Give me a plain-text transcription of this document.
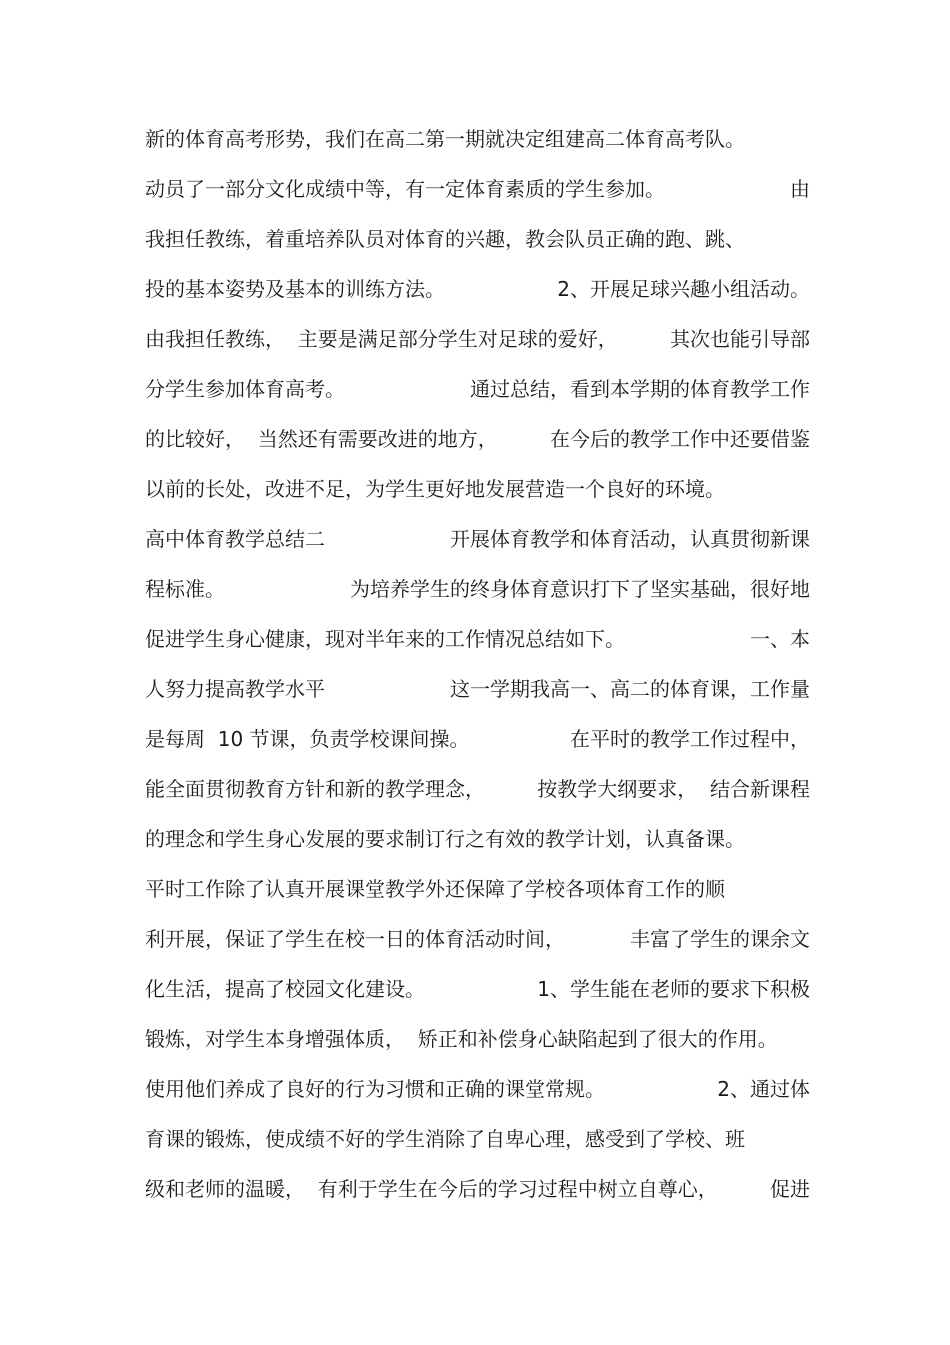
新的体育高考形势，我们在高二第一期就决定组建高二体育高考队。
动员了一部分文化成绩中等，有一定体育素质的学生参加。	由
我担任教练，着重培养队员对体育的兴趣，教会队员正确的跑、跳、
投的基本姿势及基本的训练方法。	2、开展足球兴趣小组活动。
由我担任教练，  主要是满足部分学生对足球的爱好，	其次也能引导部
分学生参加体育高考。	通过总结，看到本学期的体育教学工作
的比较好，  当然还有需要改进的地方，	在今后的教学工作中还要借鉴
以前的长处，改进不足，为学生更好地发展营造一个良好的环境。
高中体育教学总结二	开展体育教学和体育活动，认真贯彻新课
程标准。	为培养学生的终身体育意识打下了坚实基础，很好地
促进学生身心健康，现对半年来的工作情况总结如下。	一、本
人努力提高教学水平	这一学期我高一、高二的体育课，工作量
是每周  10 节课，负责学校课间操。	在平时的教学工作过程中，
能全面贯彻教育方针和新的教学理念，	按教学大纲要求，  结合新课程
的理念和学生身心发展的要求制订行之有效的教学计划，认真备课。
平时工作除了认真开展课堂教学外还保障了学校各项体育工作的顺
利开展，保证了学生在校一日的体育活动时间，	丰富了学生的课余文
化生活，提高了校园文化建设。	1、学生能在老师的要求下积极
锻炼，对学生本身增强体质，  矫正和补偿身心缺陷起到了很大的作用。
使用他们养成了良好的行为习惯和正确的课堂常规。	2、通过体
育课的锻炼，使成绩不好的学生消除了自卑心理，感受到了学校、班
级和老师的温暖，  有利于学生在今后的学习过程中树立自尊心，	促进
